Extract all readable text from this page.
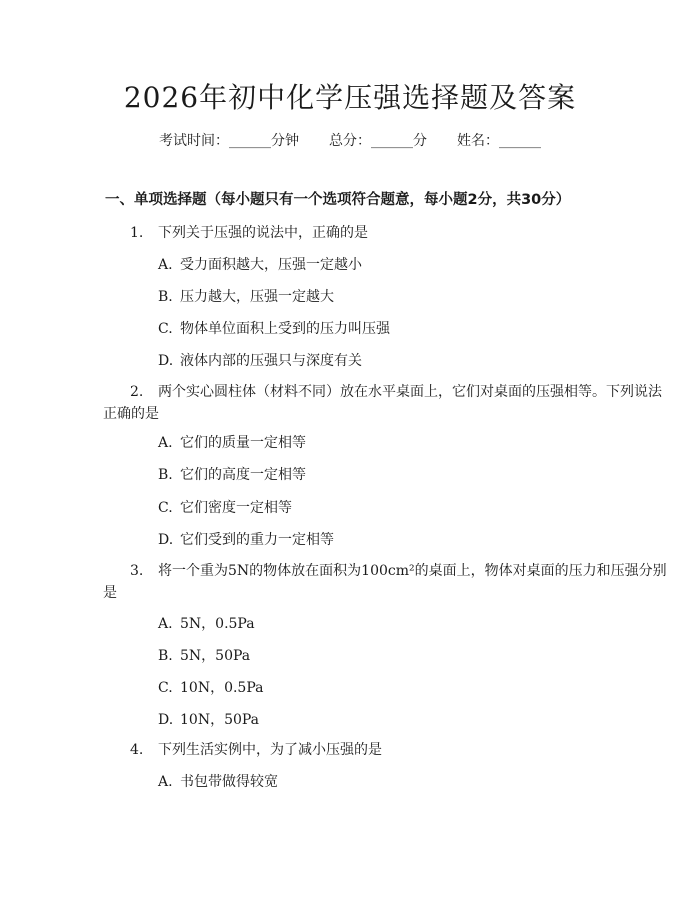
2026年初中化学压强选择题及答案
考试时间：______分钟 总分：______分 姓名：______
一、单项选择题（每小题只有一个选项符合题意，每小题2分，共30分）
1. 下列关于压强的说法中，正确的是
A. 受力面积越大，压强一定越小
B. 压力越大，压强一定越大
C. 物体单位面积上受到的压力叫压强
D. 液体内部的压强只与深度有关
2. 两个实心圆柱体（材料不同）放在水平桌面上，它们对桌面的压强相等。下列说法正确的是
A. 它们的质量一定相等
B. 它们的高度一定相等
C. 它们密度一定相等
D. 它们受到的重力一定相等
3. 将一个重为5N的物体放在面积为100cm²的桌面上，物体对桌面的压力和压强分别是
A. 5N，0.5Pa
B. 5N，50Pa
C. 10N，0.5Pa
D. 10N，50Pa
4. 下列生活实例中，为了减小压强的是
A. 书包带做得较宽
